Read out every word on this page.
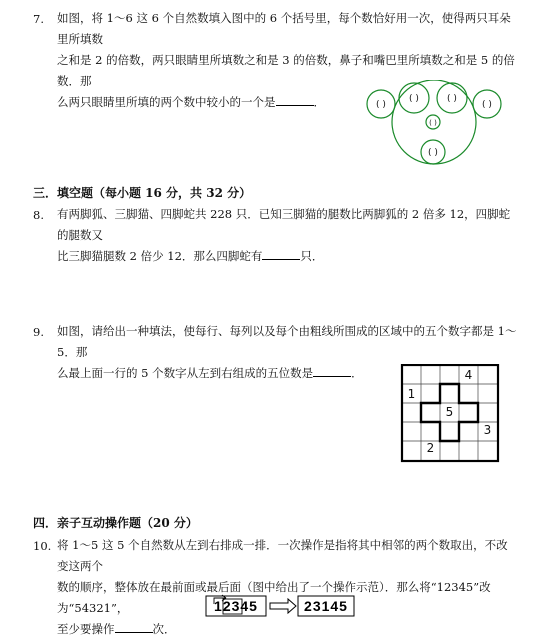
7. 如图，将 1～6 这 6 个自然数填入图中的 6 个括号里，每个数恰好用一次，使得两只耳朵里所填数
之和是 2 的倍数，两只眼睛里所填数之和是 3 的倍数，鼻子和嘴巴里所填数之和是 5 的倍数．那
么两只眼睛里所填的两个数中较小的一个是	．	( )	( )
( )	( )
( )
( )
三．填空题（每小题 16 分，共 32 分）
8. 有两脚狐、三脚猫、四脚蛇共 228 只．已知三脚猫的腿数比两脚狐的 2 倍多 12，四脚蛇的腿数又
比三脚猫腿数 2 倍少 12．那么四脚蛇有	只．
9. 如图，请给出一种填法，使每行、每列以及每个由粗线所围成的区域中的五个数字都是 1～5．那
么最上面一行的 5 个数字从左到右组成的五位数是	．	4
1
5
3
2
四．亲子互动操作题（20 分）
10. 将 1～5 这 5 个自然数从左到右排成一排．一次操作是指将其中相邻的两个数取出，不改变这两个
数的顺序，整体放在最前面或最后面（图中给出了一个操作示范）．那么将“12345”改为“54321”，
至少要操作	次．
12345	23145
